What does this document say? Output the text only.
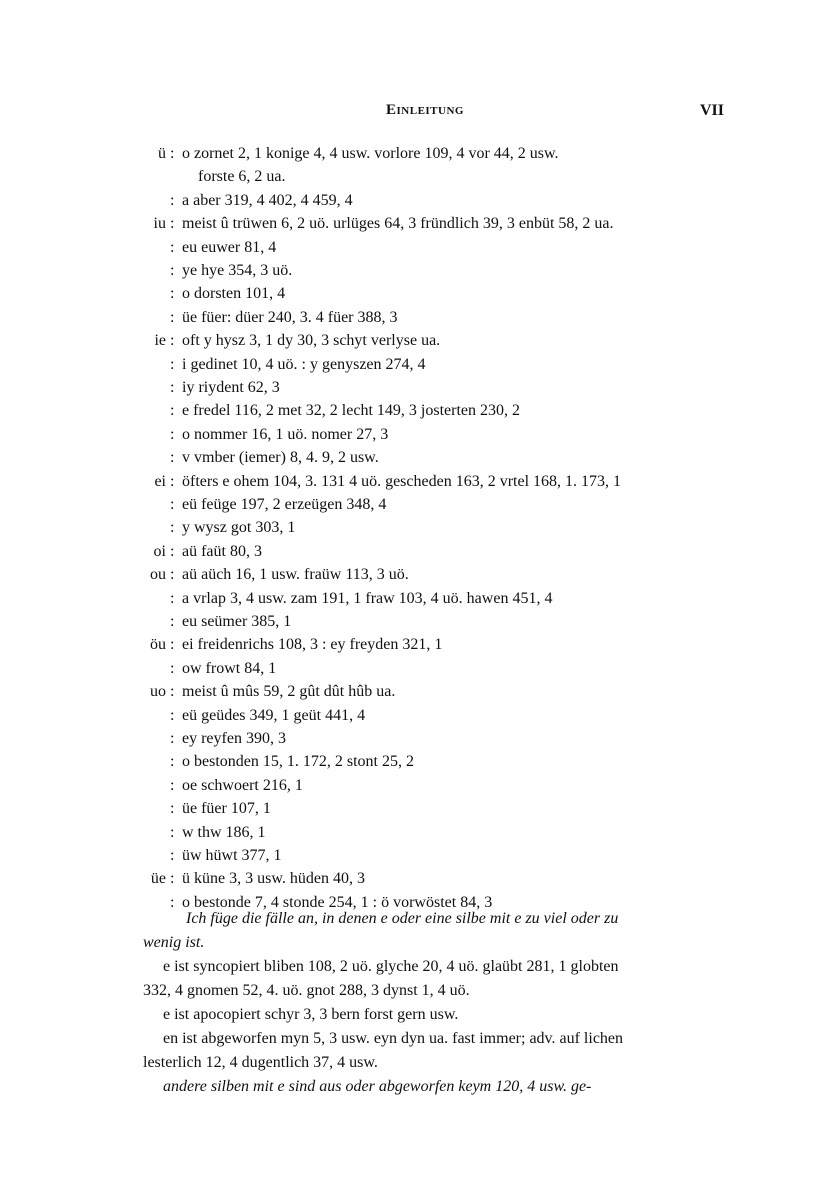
Einleitung	VII
ü : o zornet 2, 1 konige 4, 4 usw. vorlore 109, 4 vor 44, 2 usw.
forste 6, 2 ua.
: a aber 319, 4 402, 4 459, 4
iu : meist û trüwen 6, 2 uö. urlüges 64, 3 fründlich 39, 3 enbüt 58, 2 ua.
: eu euwer 81, 4
: ye hye 354, 3 uö.
: o dorsten 101, 4
: üe füer: düer 240, 3. 4 füer 388, 3
ie : oft y hysz 3, 1 dy 30, 3 schyt verlyse ua.
: i gedinet 10, 4 uö. : y genyszen 274, 4
: iy riydent 62, 3
: e fredel 116, 2 met 32, 2 lecht 149, 3 josterten 230, 2
: o nommer 16, 1 uö. nomer 27, 3
: v vmber (iemer) 8, 4. 9, 2 usw.
ei : öfters e ohem 104, 3. 131 4 uö. gescheden 163, 2 vrtel 168, 1. 173, 1
: eü feüge 197, 2 erzeügen 348, 4
: y wysz got 303, 1
oi : aü faüt 80, 3
ou : aü aüch 16, 1 usw. fraüw 113, 3 uö.
: a vrlap 3, 4 usw. zam 191, 1 fraw 103, 4 uö. hawen 451, 4
: eu seümer 385, 1
öu : ei freidenrichs 108, 3 : ey freyden 321, 1
: ow frowt 84, 1
uo : meist û mûs 59, 2 gût dût hûb ua.
: eü geüdes 349, 1 geüt 441, 4
: ey reyfen 390, 3
: o bestonden 15, 1. 172, 2 stont 25, 2
: oe schwoert 216, 1
: üe füer 107, 1
: w thw 186, 1
: üw hüwt 377, 1
üe : ü küne 3, 3 usw. hüden 40, 3
: o bestonde 7, 4 stonde 254, 1 : ö vorwöstet 84, 3
Ich füge die fälle an, in denen e oder eine silbe mit e zu viel oder zu
wenig ist.
e ist syncopiert bliben 108, 2 uö. glyche 20, 4 uö. glaübt 281, 1 globten
332, 4 gnomen 52, 4. uö. gnot 288, 3 dynst 1, 4 uö.
e ist apocopiert schyr 3, 3 bern forst gern usw.
en ist abgeworfen myn 5, 3 usw. eyn dyn ua. fast immer; adv. auf lichen
lesterlich 12, 4 dugentlich 37, 4 usw.
andere silben mit e sind aus oder abgeworfen keym 120, 4 usw. ge-
